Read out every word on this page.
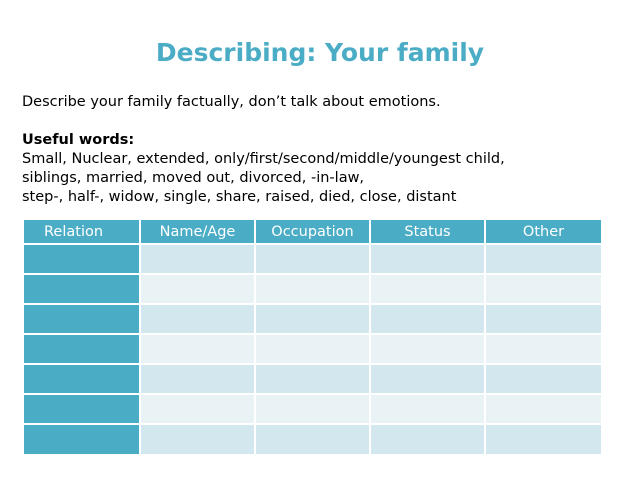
Describing: Your family
Describe your family factually, don’t talk about emotions.
Useful words:
Small, Nuclear, extended, only/first/second/middle/youngest child,
siblings, married, moved out, divorced, -in-law,
step-, half-, widow, single, share, raised, died, close, distant
Relation	Name/Age	Occupation	Status	Other
